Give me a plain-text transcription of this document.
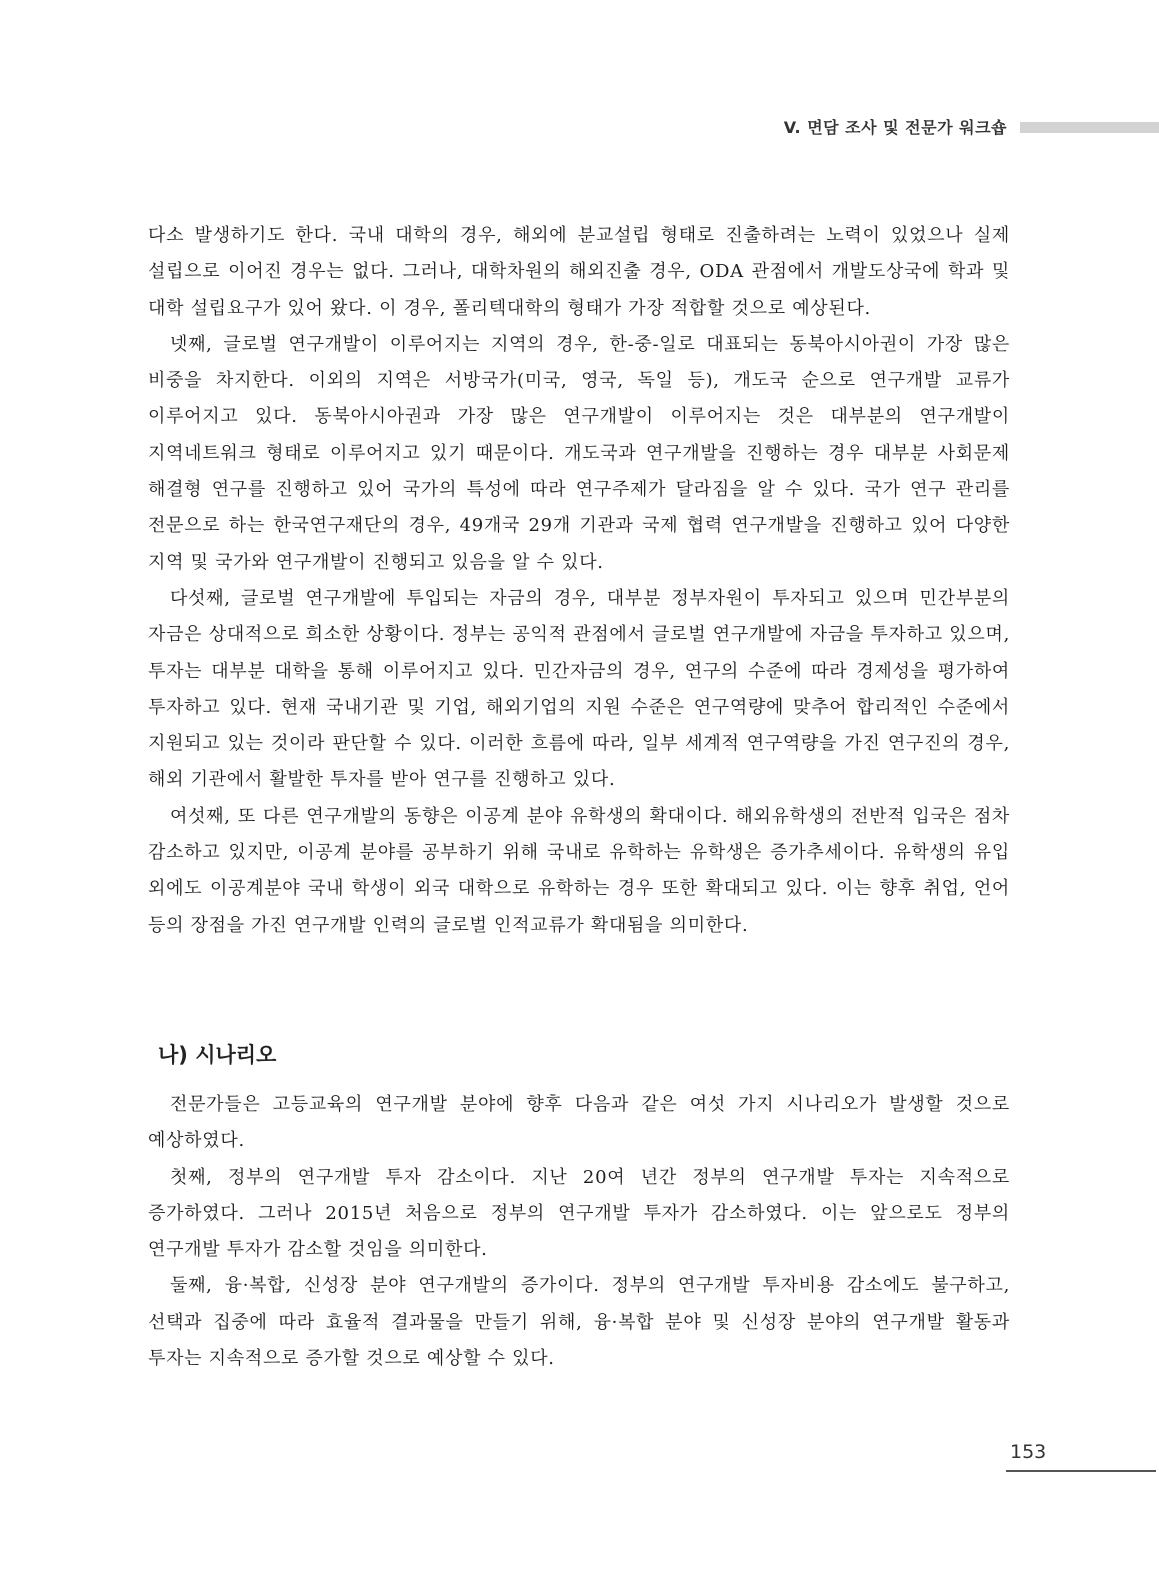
V. 면담 조사 및 전문가 워크숍

다소 발생하기도 한다. 국내 대학의 경우, 해외에 분교설립 형태로 진출하려는 노력이 있었으나 실제 설립으로 이어진 경우는 없다. 그러나, 대학차원의 해외진출 경우, ODA 관점에서 개발도상국에 학과 및 대학 설립요구가 있어 왔다. 이 경우, 폴리텍대학의 형태가 가장 적합할 것으로 예상된다.

넷째, 글로벌 연구개발이 이루어지는 지역의 경우, 한-중-일로 대표되는 동북아시아권이 가장 많은 비중을 차지한다. 이외의 지역은 서방국가(미국, 영국, 독일 등), 개도국 순으로 연구개발 교류가 이루어지고 있다. 동북아시아권과 가장 많은 연구개발이 이루어지는 것은 대부분의 연구개발이 지역네트워크 형태로 이루어지고 있기 때문이다. 개도국과 연구개발을 진행하는 경우 대부분 사회문제 해결형 연구를 진행하고 있어 국가의 특성에 따라 연구주제가 달라짐을 알 수 있다. 국가 연구 관리를 전문으로 하는 한국연구재단의 경우, 49개국 29개 기관과 국제 협력 연구개발을 진행하고 있어 다양한 지역 및 국가와 연구개발이 진행되고 있음을 알 수 있다.

다섯째, 글로벌 연구개발에 투입되는 자금의 경우, 대부분 정부자원이 투자되고 있으며 민간부분의 자금은 상대적으로 희소한 상황이다. 정부는 공익적 관점에서 글로벌 연구개발에 자금을 투자하고 있으며, 투자는 대부분 대학을 통해 이루어지고 있다. 민간자금의 경우, 연구의 수준에 따라 경제성을 평가하여 투자하고 있다. 현재 국내기관 및 기업, 해외기업의 지원 수준은 연구역량에 맞추어 합리적인 수준에서 지원되고 있는 것이라 판단할 수 있다. 이러한 흐름에 따라, 일부 세계적 연구역량을 가진 연구진의 경우, 해외 기관에서 활발한 투자를 받아 연구를 진행하고 있다.

여섯째, 또 다른 연구개발의 동향은 이공계 분야 유학생의 확대이다. 해외유학생의 전반적 입국은 점차 감소하고 있지만, 이공계 분야를 공부하기 위해 국내로 유학하는 유학생은 증가추세이다. 유학생의 유입 외에도 이공계분야 국내 학생이 외국 대학으로 유학하는 경우 또한 확대되고 있다. 이는 향후 취업, 언어 등의 장점을 가진 연구개발 인력의 글로벌 인적교류가 확대됨을 의미한다.

나) 시나리오

전문가들은 고등교육의 연구개발 분야에 향후 다음과 같은 여섯 가지 시나리오가 발생할 것으로 예상하였다.

첫째, 정부의 연구개발 투자 감소이다. 지난 20여 년간 정부의 연구개발 투자는 지속적으로 증가하였다. 그러나 2015년 처음으로 정부의 연구개발 투자가 감소하였다. 이는 앞으로도 정부의 연구개발 투자가 감소할 것임을 의미한다.

둘째, 융·복합, 신성장 분야 연구개발의 증가이다. 정부의 연구개발 투자비용 감소에도 불구하고, 선택과 집중에 따라 효율적 결과물을 만들기 위해, 융·복합 분야 및 신성장 분야의 연구개발 활동과 투자는 지속적으로 증가할 것으로 예상할 수 있다.

153
